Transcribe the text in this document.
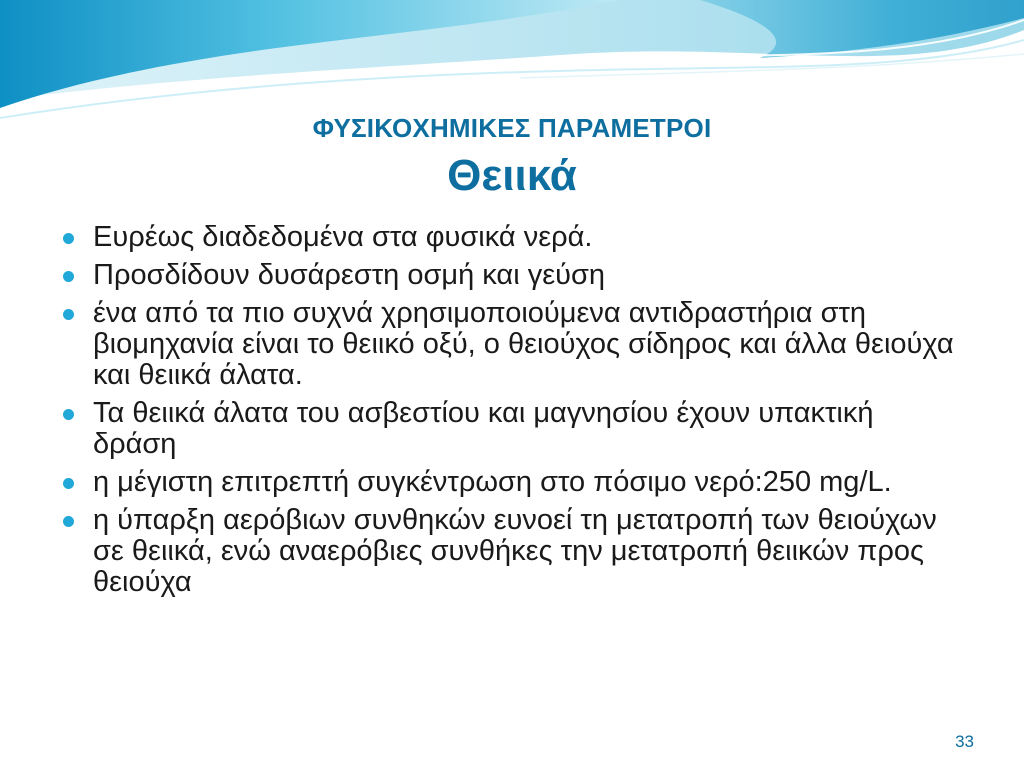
ΦΥΣΙΚΟΧΗΜΙΚΕΣ ΠΑΡΑΜΕΤΡΟΙ
Θειικά
Ευρέως διαδεδομένα στα φυσικά νερά.
Προσδίδουν δυσάρεστη οσμή και γεύση
ένα από τα πιο συχνά χρησιμοποιούμενα αντιδραστήρια στη βιομηχανία είναι το θειικό οξύ, ο θειούχος σίδηρος και άλλα θειούχα και θειικά άλατα.
Τα θειικά άλατα του ασβεστίου και μαγνησίου έχουν υπακτική δράση
η μέγιστη επιτρεπτή συγκέντρωση στο πόσιμο νερό:250 mg/L.
η ύπαρξη αερόβιων συνθηκών ευνοεί τη μετατροπή των θειούχων σε θειικά, ενώ αναερόβιες συνθήκες την μετατροπή θειικών προς θειούχα
33
